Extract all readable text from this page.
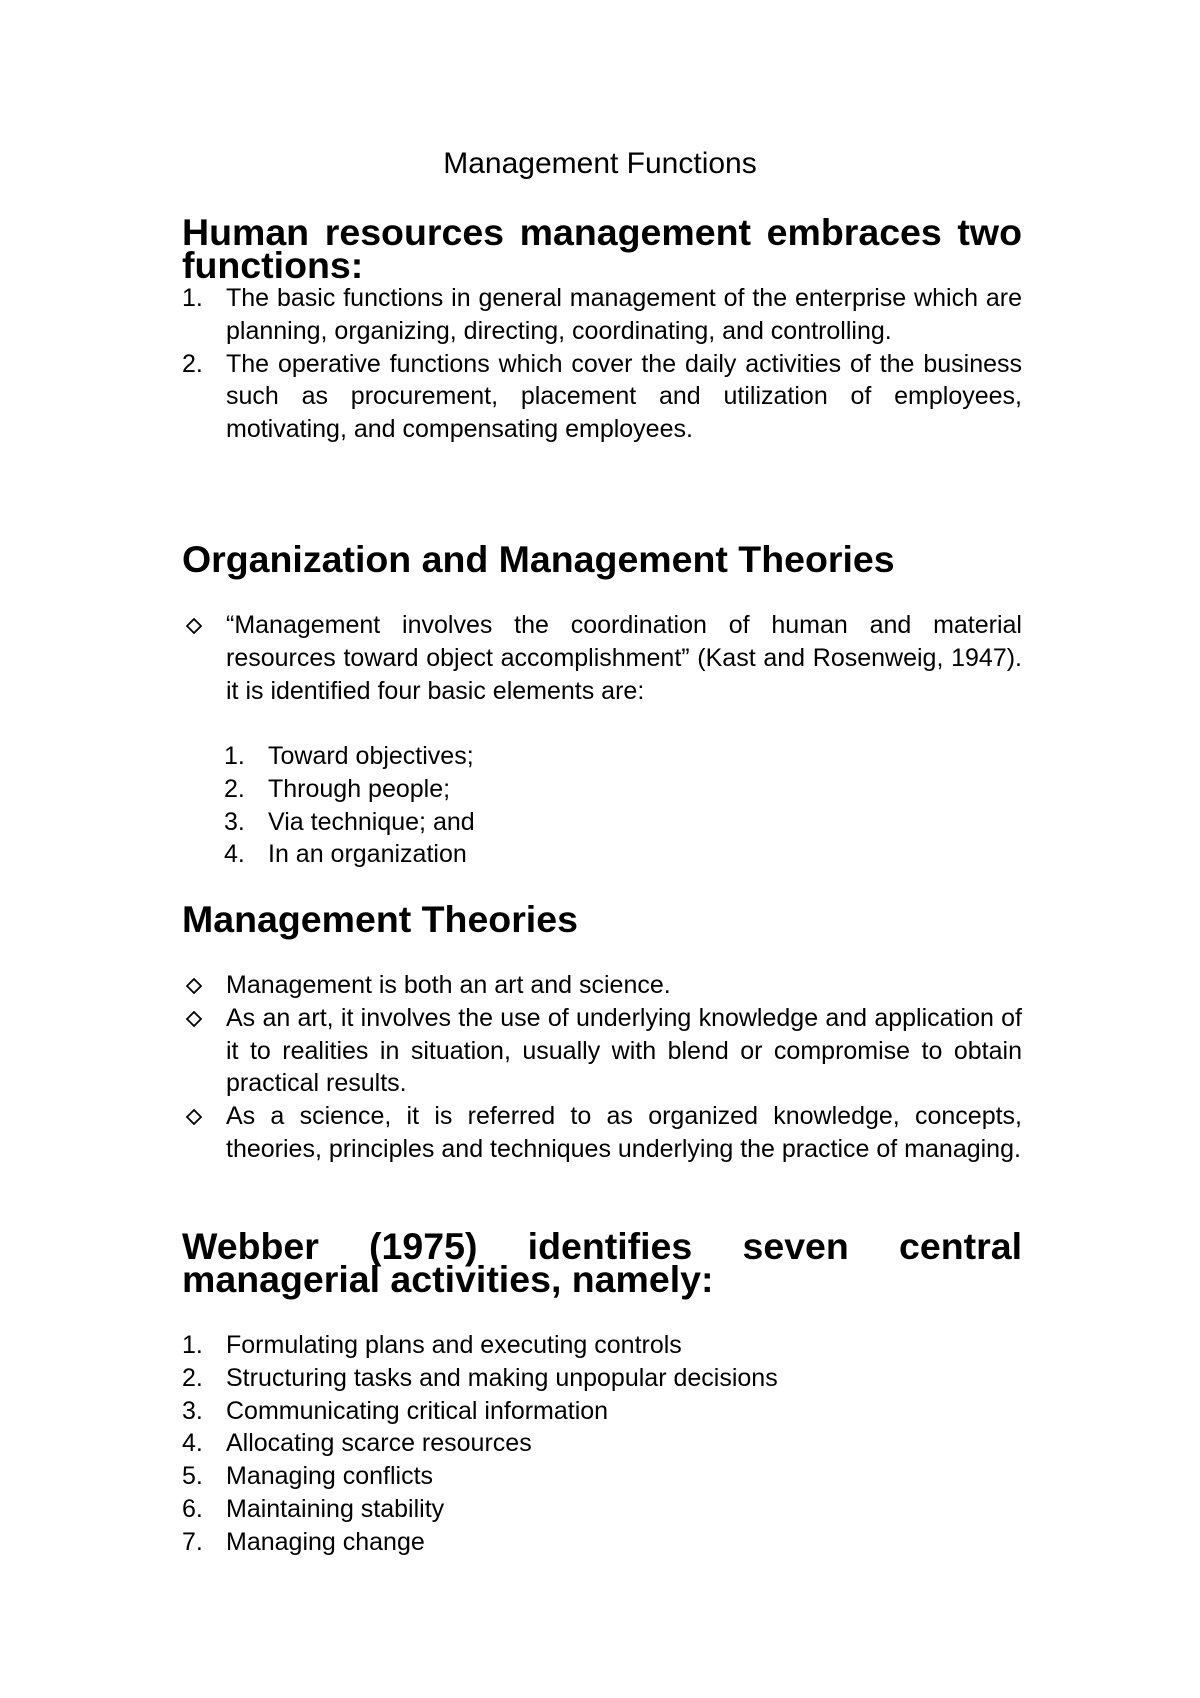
Management Functions
Human resources management embraces two functions:
1. The basic functions in general management of the enterprise which are planning, organizing, directing, coordinating, and controlling.
2. The operative functions which cover the daily activities of the business such as procurement, placement and utilization of employees, motivating, and compensating employees.
Organization and Management Theories
“Management involves the coordination of human and material resources toward object accomplishment” (Kast and Rosenweig, 1947). it is identified four basic elements are:
1. Toward objectives;
2. Through people;
3. Via technique; and
4. In an organization
Management Theories
Management is both an art and science.
As an art, it involves the use of underlying knowledge and application of it to realities in situation, usually with blend or compromise to obtain practical results.
As a science, it is referred to as organized knowledge, concepts, theories, principles and techniques underlying the practice of managing.
Webber (1975) identifies seven central managerial activities, namely:
1. Formulating plans and executing controls
2. Structuring tasks and making unpopular decisions
3. Communicating critical information
4. Allocating scarce resources
5. Managing conflicts
6. Maintaining stability
7. Managing change
